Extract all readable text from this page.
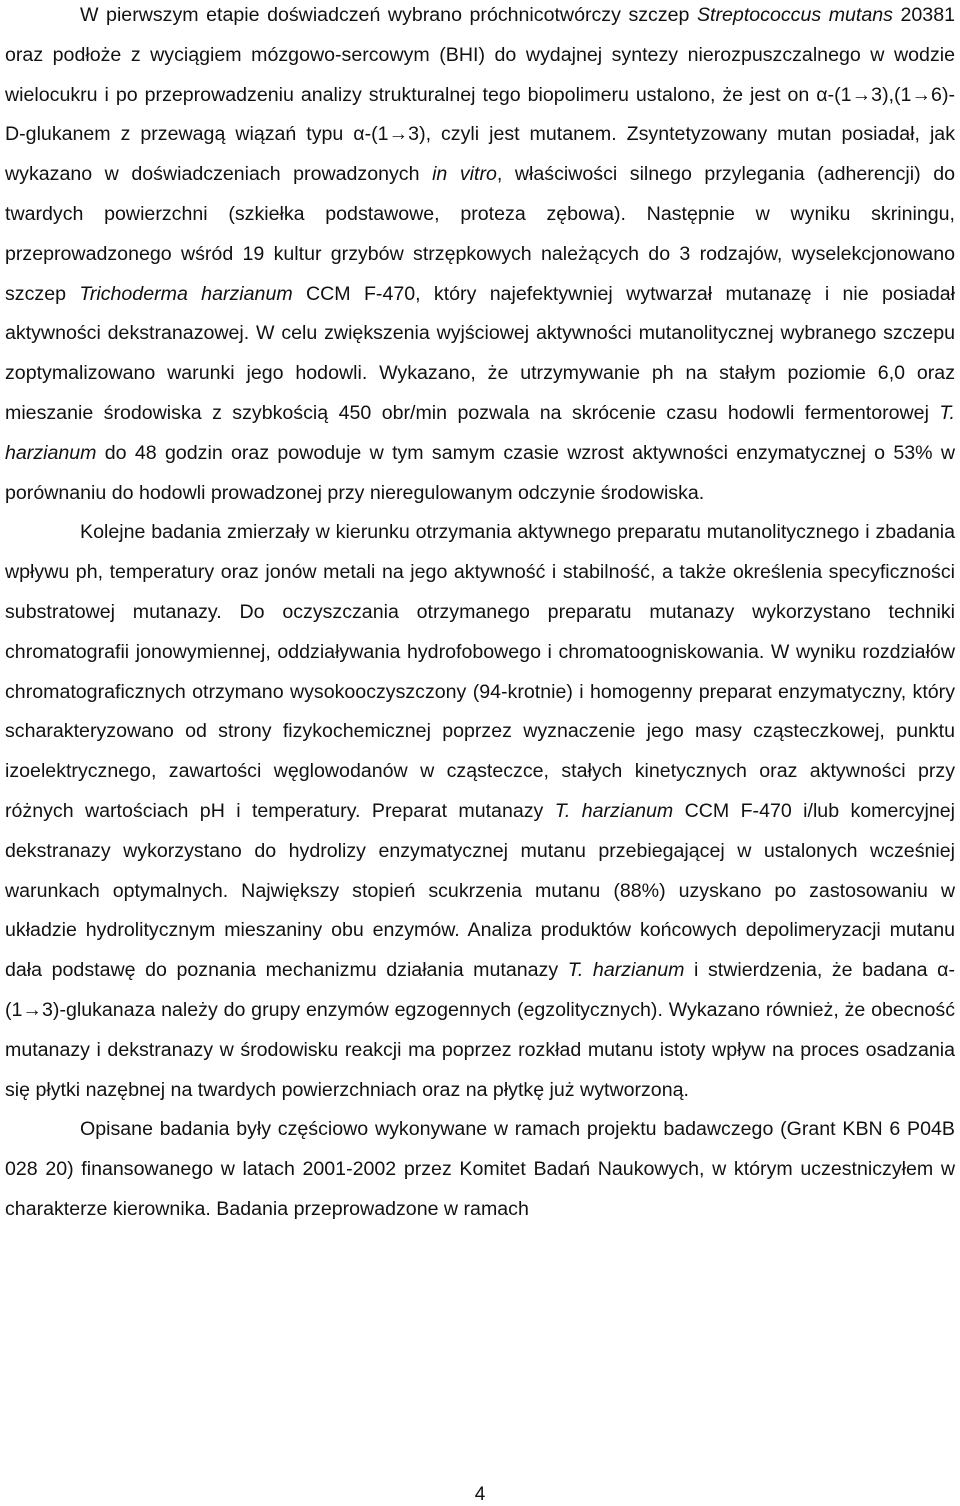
W pierwszym etapie doświadczeń wybrano próchnicotwórczy szczep Streptococcus mutans 20381 oraz podłoże z wyciągiem mózgowo-sercowym (BHI) do wydajnej syntezy nierozpuszczalnego w wodzie wielocukru i po przeprowadzeniu analizy strukturalnej tego biopolimeru ustalono, że jest on α-(1→3),(1→6)-D-glukanem z przewagą wiązań typu α-(1→3), czyli jest mutanem. Zsyntetyzowany mutan posiadał, jak wykazano w doświadczeniach prowadzonych in vitro, właściwości silnego przylegania (adherencji) do twardych powierzchni (szkiełka podstawowe, proteza zębowa). Następnie w wyniku skriningu, przeprowadzonego wśród 19 kultur grzybów strzępkowych należących do 3 rodzajów, wyselekcjonowano szczep Trichoderma harzianum CCM F-470, który najefektywniej wytwarzał mutanazę i nie posiadał aktywności dekstranazowej. W celu zwiększenia wyjściowej aktywności mutanolitycznej wybranego szczepu zoptymalizowano warunki jego hodowli. Wykazano, że utrzymywanie ph na stałym poziomie 6,0 oraz mieszanie środowiska z szybkością 450 obr/min pozwala na skrócenie czasu hodowli fermentorowej T. harzianum do 48 godzin oraz powoduje w tym samym czasie wzrost aktywności enzymatycznej o 53% w porównaniu do hodowli prowadzonej przy nieregulowanym odczynie środowiska.

Kolejne badania zmierzały w kierunku otrzymania aktywnego preparatu mutanolitycznego i zbadania wpływu ph, temperatury oraz jonów metali na jego aktywność i stabilność, a także określenia specyficzności substratowej mutanazy. Do oczyszczania otrzymanego preparatu mutanazy wykorzystano techniki chromatografii jonowymiennej, oddziaływania hydrofobowego i chromatoogniskowania. W wyniku rozdziałów chromatograficznych otrzymano wysokooczyszczony (94-krotnie) i homogenny preparat enzymatyczny, który scharakteryzowano od strony fizykochemicznej poprzez wyznaczenie jego masy cząsteczkowej, punktu izoelektrycznego, zawartości węglowodanów w cząsteczce, stałych kinetycznych oraz aktywności przy różnych wartościach pH i temperatury. Preparat mutanazy T. harzianum CCM F-470 i/lub komercyjnej dekstranazy wykorzystano do hydrolizy enzymatycznej mutanu przebiegającej w ustalonych wcześniej warunkach optymalnych. Największy stopień scukrzenia mutanu (88%) uzyskano po zastosowaniu w układzie hydrolitycznym mieszaniny obu enzymów. Analiza produktów końcowych depolimeryzacji mutanu dała podstawę do poznania mechanizmu działania mutanazy T. harzianum i stwierdzenia, że badana α-(1→3)-glukanaza należy do grupy enzymów egzogennych (egzolitycznych). Wykazano również, że obecność mutanazy i dekstranazy w środowisku reakcji ma poprzez rozkład mutanu istoty wpływ na proces osadzania się płytki nazębnej na twardych powierzchniach oraz na płytkę już wytworzoną.

Opisane badania były częściowo wykonywane w ramach projektu badawczego (Grant KBN 6 P04B 028 20) finansowanego w latach 2001-2002 przez Komitet Badań Naukowych, w którym uczestniczyłem w charakterze kierownika. Badania przeprowadzone w ramach

4
